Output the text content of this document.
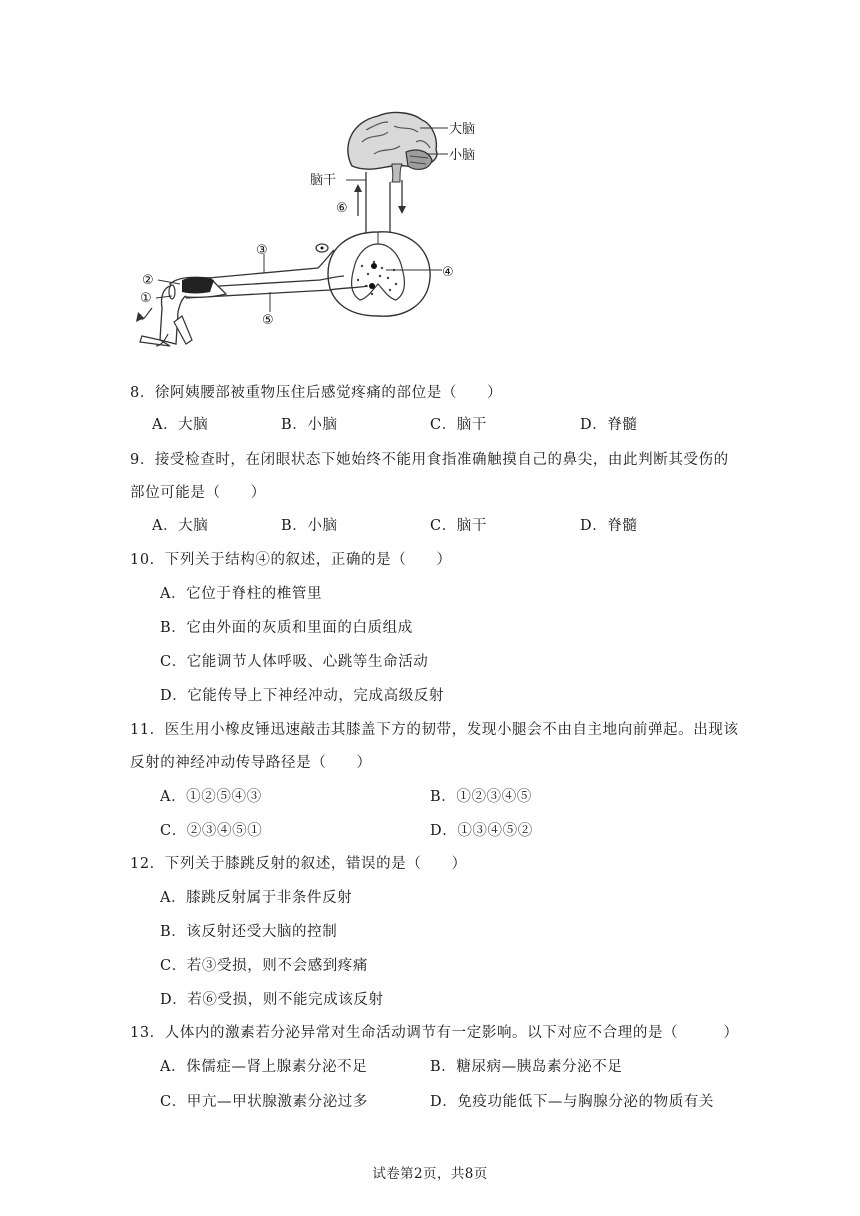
大脑
小脑
脑干
⑥
④
③
⑤
②
①
8．徐阿姨腰部被重物压住后感觉疼痛的部位是（　　）
A．大脑	B．小脑	C．脑干	D．脊髓
9．接受检查时，在闭眼状态下她始终不能用食指准确触摸自己的鼻尖，由此判断其受伤的
部位可能是（　　）
A．大脑	B．小脑	C．脑干	D．脊髓
10．下列关于结构④的叙述，正确的是（　　）
A．它位于脊柱的椎管里
B．它由外面的灰质和里面的白质组成
C．它能调节人体呼吸、心跳等生命活动
D．它能传导上下神经冲动，完成高级反射
11．医生用小橡皮锤迅速敲击其膝盖下方的韧带，发现小腿会不由自主地向前弹起。出现该
反射的神经冲动传导路径是（　　）
A．①②⑤④③	B．①②③④⑤
C．②③④⑤①	D．①③④⑤②
12．下列关于膝跳反射的叙述，错误的是（　　）
A．膝跳反射属于非条件反射
B．该反射还受大脑的控制
C．若③受损，则不会感到疼痛
D．若⑥受损，则不能完成该反射
13．人体内的激素若分泌异常对生命活动调节有一定影响。以下对应不合理的是（　　　）
A．侏儒症—肾上腺素分泌不足	B．糖尿病—胰岛素分泌不足
C．甲亢—甲状腺激素分泌过多	D．免疫功能低下—与胸腺分泌的物质有关
试卷第2页，共8页
